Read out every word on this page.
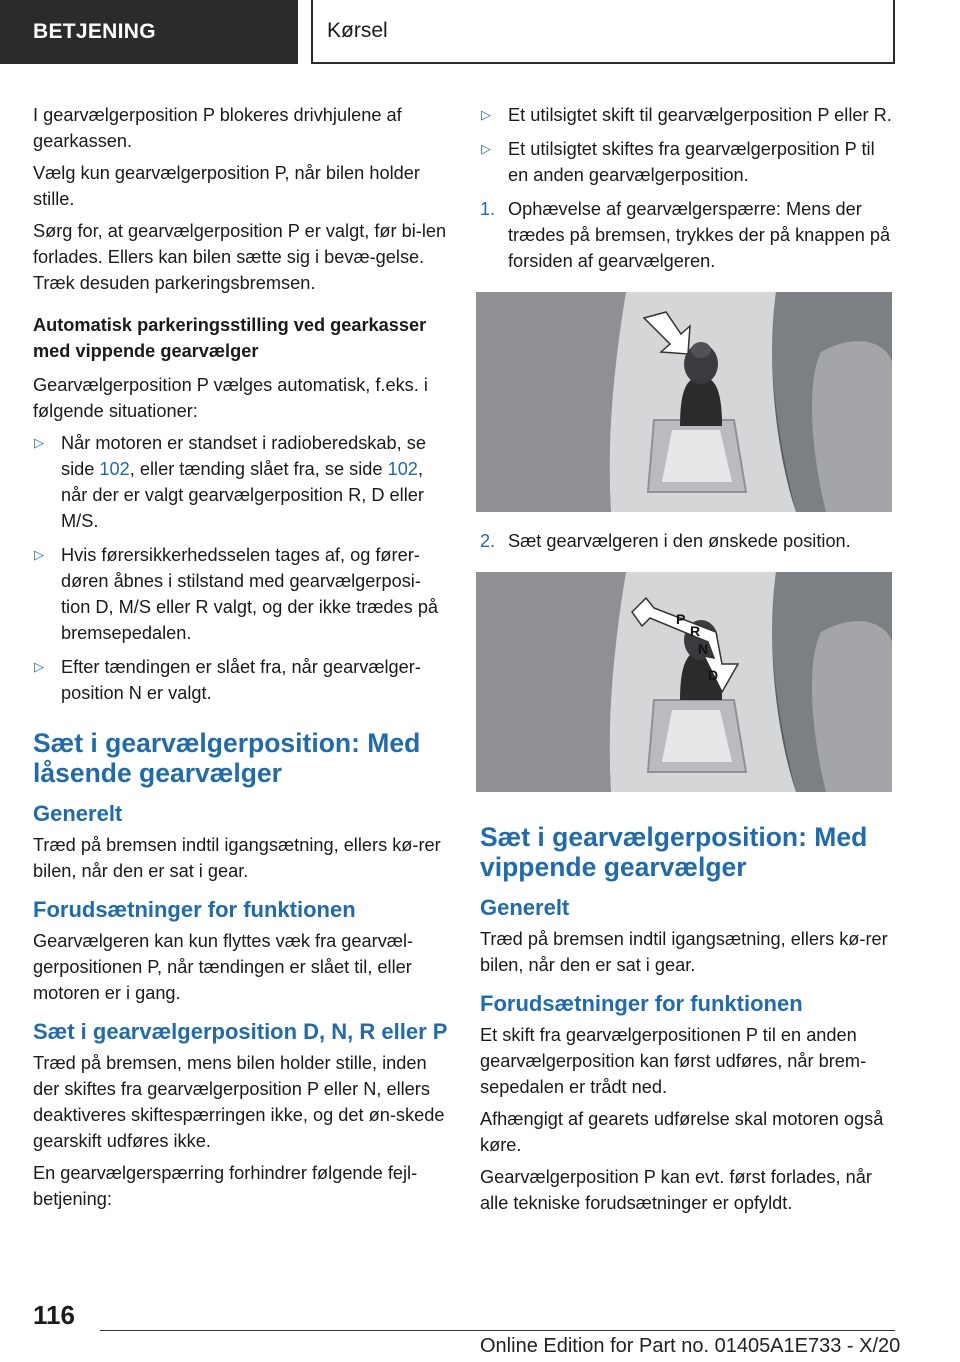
BETJENING	Kørsel

I gearvælgerposition P blokeres drivhjulene af gearkassen.

Vælg kun gearvælgerposition P, når bilen holder stille.

Sørg for, at gearvælgerposition P er valgt, før bi-len forlades. Ellers kan bilen sætte sig i bevæ-gelse. Træk desuden parkeringsbremsen.

Automatisk parkeringsstilling ved gearkasser med vippende gearvælger

Gearvælgerposition P vælges automatisk, f.eks. i følgende situationer:

▷ Når motoren er standset i radioberedskab, se side 102, eller tænding slået fra, se side 102, når der er valgt gearvælgerposition R, D eller M/S.
▷ Hvis førersikkerhedsselen tages af, og fører-døren åbnes i stilstand med gearvælgerposi-tion D, M/S eller R valgt, og der ikke trædes på bremsepedalen.
▷ Efter tændingen er slået fra, når gearvælger-position N er valgt.
Sæt i gearvælgerposition: Med låsende gearvælger
Generelt

Træd på bremsen indtil igangsætning, ellers kø-rer bilen, når den er sat i gear.

Forudsætninger for funktionen

Gearvælgeren kan kun flyttes væk fra gearvæl-gerpositionen P, når tændingen er slået til, eller motoren er i gang.

Sæt i gearvælgerposition D, N, R eller P

Træd på bremsen, mens bilen holder stille, inden der skiftes fra gearvælgerposition P eller N, ellers deaktiveres skiftespærringen ikke, og det øn-skede gearskift udføres ikke.

En gearvælgerspærring forhindrer følgende fejl-betjening:

▷ Et utilsigtet skift til gearvælgerposition P eller R.
▷ Et utilsigtet skiftes fra gearvælgerposition P til en anden gearvælgerposition.
1. Ophævelse af gearvælgerspærre: Mens der trædes på bremsen, trykkes der på knappen på forsiden af gearvælgeren.
2. Sæt gearvælgeren i den ønskede position.
P
R
N
D
Sæt i gearvælgerposition: Med vippende gearvælger
Generelt

Træd på bremsen indtil igangsætning, ellers kø-rer bilen, når den er sat i gear.

Forudsætninger for funktionen

Et skift fra gearvælgerpositionen P til en anden gearvælgerposition kan først udføres, når brem-sepedalen er trådt ned.

Afhængigt af gearets udførelse skal motoren også køre.

Gearvælgerposition P kan evt. først forlades, når alle tekniske forudsætninger er opfyldt.

116
Online Edition for Part no. 01405A1E733 - X/20
